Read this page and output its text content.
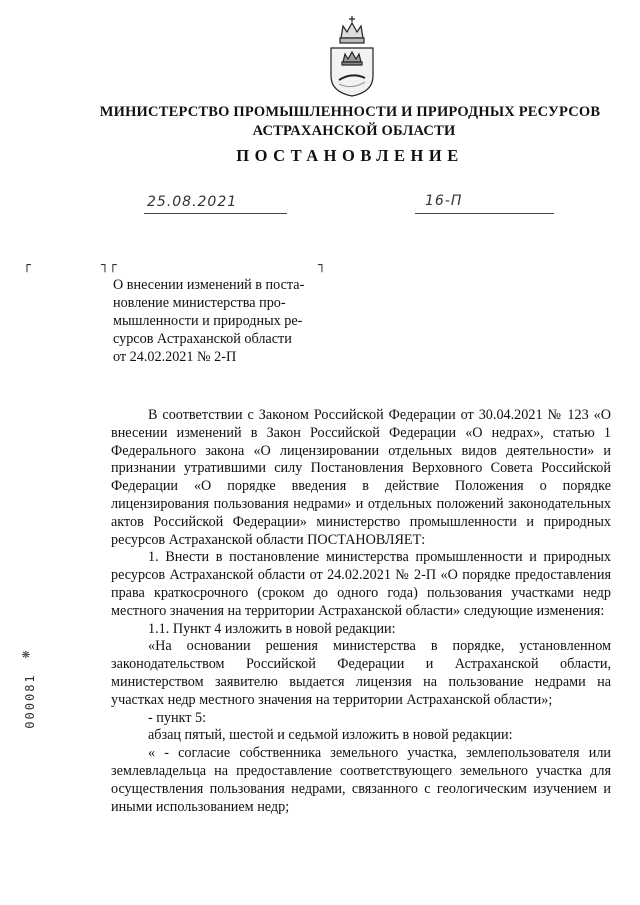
МИНИСТЕРСТВО ПРОМЫШЛЕННОСТИ И ПРИРОДНЫХ РЕСУРСОВ
АСТРАХАНСКОЙ ОБЛАСТИ
ПОСТАНОВЛЕНИЕ
25.08.2021	16-П
┌	┐┌	┐
О внесении изменений в поста-
новление министерства про-
мышленности и природных ре-
сурсов Астраханской области
от 24.02.2021 № 2-П

В соответствии с Законом Российской Федерации от 30.04.2021 № 123 «О внесении изменений в Закон Российской Федерации «О недрах», статью 1 Федерального закона «О лицензировании отдельных видов деятельности» и признании утратившими силу Постановления Верховного Совета Российской Федерации «О порядке введения в действие Положения о порядке лицензирования пользования недрами» и отдельных положений законодательных актов Российской Федерации» министерство промышленности и природных ресурсов Астраханской области ПОСТАНОВЛЯЕТ:

1. Внести в постановление министерства промышленности и природных ресурсов Астраханской области от 24.02.2021 № 2-П «О порядке предоставления права краткосрочного (сроком до одного года) пользования участками недр местного значения на территории Астраханской области» следующие изменения:

1.1. Пункт 4 изложить в новой редакции:

«На основании решения министерства в порядке, установленном законодательством Российской Федерации и Астраханской области, министерством заявителю выдается лицензия на пользование недрами на участках недр местного значения на территории Астраханской области»;

- пункт 5:

абзац пятый, шестой и седьмой изложить в новой редакции:

« - согласие собственника земельного участка, землепользователя или землевладельца на предоставление соответствующего земельного участка для осуществления пользования недрами, связанного с геологическим изучением и иными использованием недр;

❋
000081
